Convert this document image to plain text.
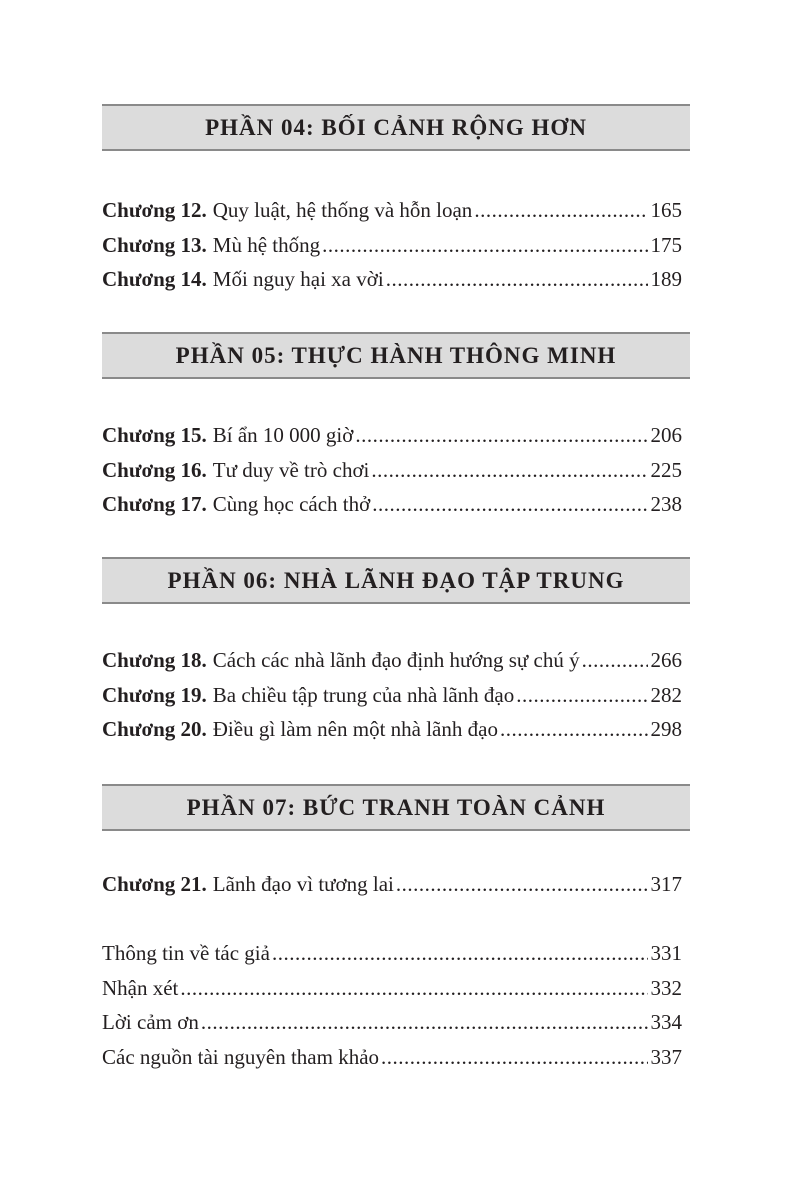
PHẦN 04: BỐI CẢNH RỘNG HƠN
Chương 12. Quy luật, hệ thống và hỗn loạn .....	165
Chương 13. Mù hệ thống .....	175
Chương 14. Mối nguy hại xa vời .....	189
PHẦN 05: THỰC HÀNH THÔNG MINH
Chương 15. Bí ẩn 10 000 giờ .....	206
Chương 16. Tư duy về trò chơi .....	225
Chương 17. Cùng học cách thở .....	238
PHẦN 06: NHÀ LÃNH ĐẠO TẬP TRUNG
Chương 18. Cách các nhà lãnh đạo định hướng sự chú ý .....	266
Chương 19. Ba chiều tập trung của nhà lãnh đạo .....	282
Chương 20. Điều gì làm nên một nhà lãnh đạo .....	298
PHẦN 07: BỨC TRANH TOÀN CẢNH
Chương 21. Lãnh đạo vì tương lai .....	317
Thông tin về tác giả .....	331
Nhận xét .....	332
Lời cảm ơn .....	334
Các nguồn tài nguyên tham khảo .....	337
